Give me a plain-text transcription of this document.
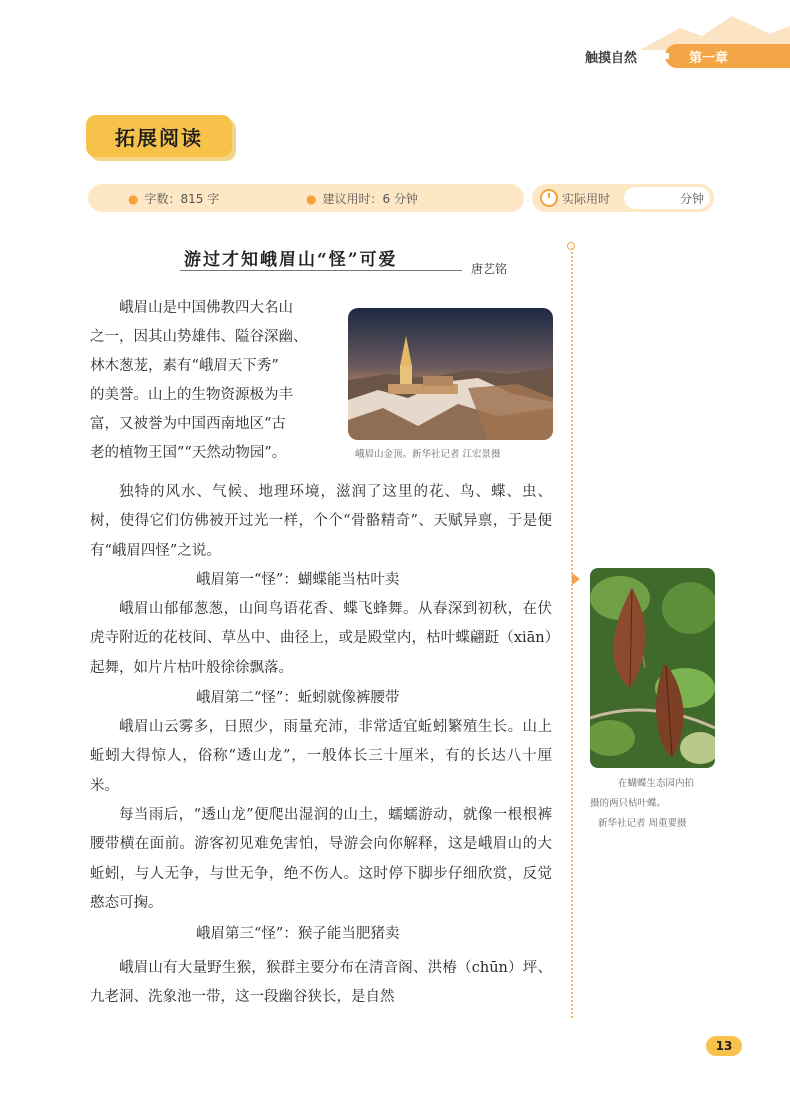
触摸自然	第一章
拓展阅读
● 字数：815 字	● 建议用时：6 分钟	实际用时	分钟
游过才知峨眉山“怪”可爱	唐艺铭
峨眉山是中国佛教四大名山
之一，因其山势雄伟、隘谷深幽、
林木葱茏，素有“峨眉天下秀”
的美誉。山上的生物资源极为丰
富，又被誉为中国西南地区“古
老的植物王国”“天然动物园”。	峨眉山金顶。新华社记者 江宏景摄
在蝴蝶生态园内拍
摄的两只枯叶蝶。
新华社记者 周重要摄

独特的风水、气候、地理环境，滋润了这里的花、鸟、蝶、虫、树，使得它们仿佛被开过光一样，个个“骨骼精奇”、天赋异禀，于是便有“峨眉四怪”之说。

峨眉第一“怪”：蝴蝶能当枯叶卖

峨眉山郁郁葱葱，山间鸟语花香、蝶飞蜂舞。从春深到初秋，在伏虎寺附近的花枝间、草丛中、曲径上，或是殿堂内，枯叶蝶翩跹（xiān）起舞，如片片枯叶般徐徐飘落。

峨眉第二“怪”：蚯蚓就像裤腰带

峨眉山云雾多，日照少，雨量充沛，非常适宜蚯蚓繁殖生长。山上蚯蚓大得惊人，俗称“透山龙”，一般体长三十厘米，有的长达八十厘米。

每当雨后，“透山龙”便爬出湿润的山土，蠕蠕游动，就像一根根裤腰带横在面前。游客初见难免害怕，导游会向你解释，这是峨眉山的大蚯蚓，与人无争，与世无争，绝不伤人。这时停下脚步仔细欣赏，反觉憨态可掬。

峨眉第三“怪”：猴子能当肥猪卖

峨眉山有大量野生猴，猴群主要分布在清音阁、洪椿（chūn）坪、九老洞、洗象池一带，这一段幽谷狭长，是自然

13
